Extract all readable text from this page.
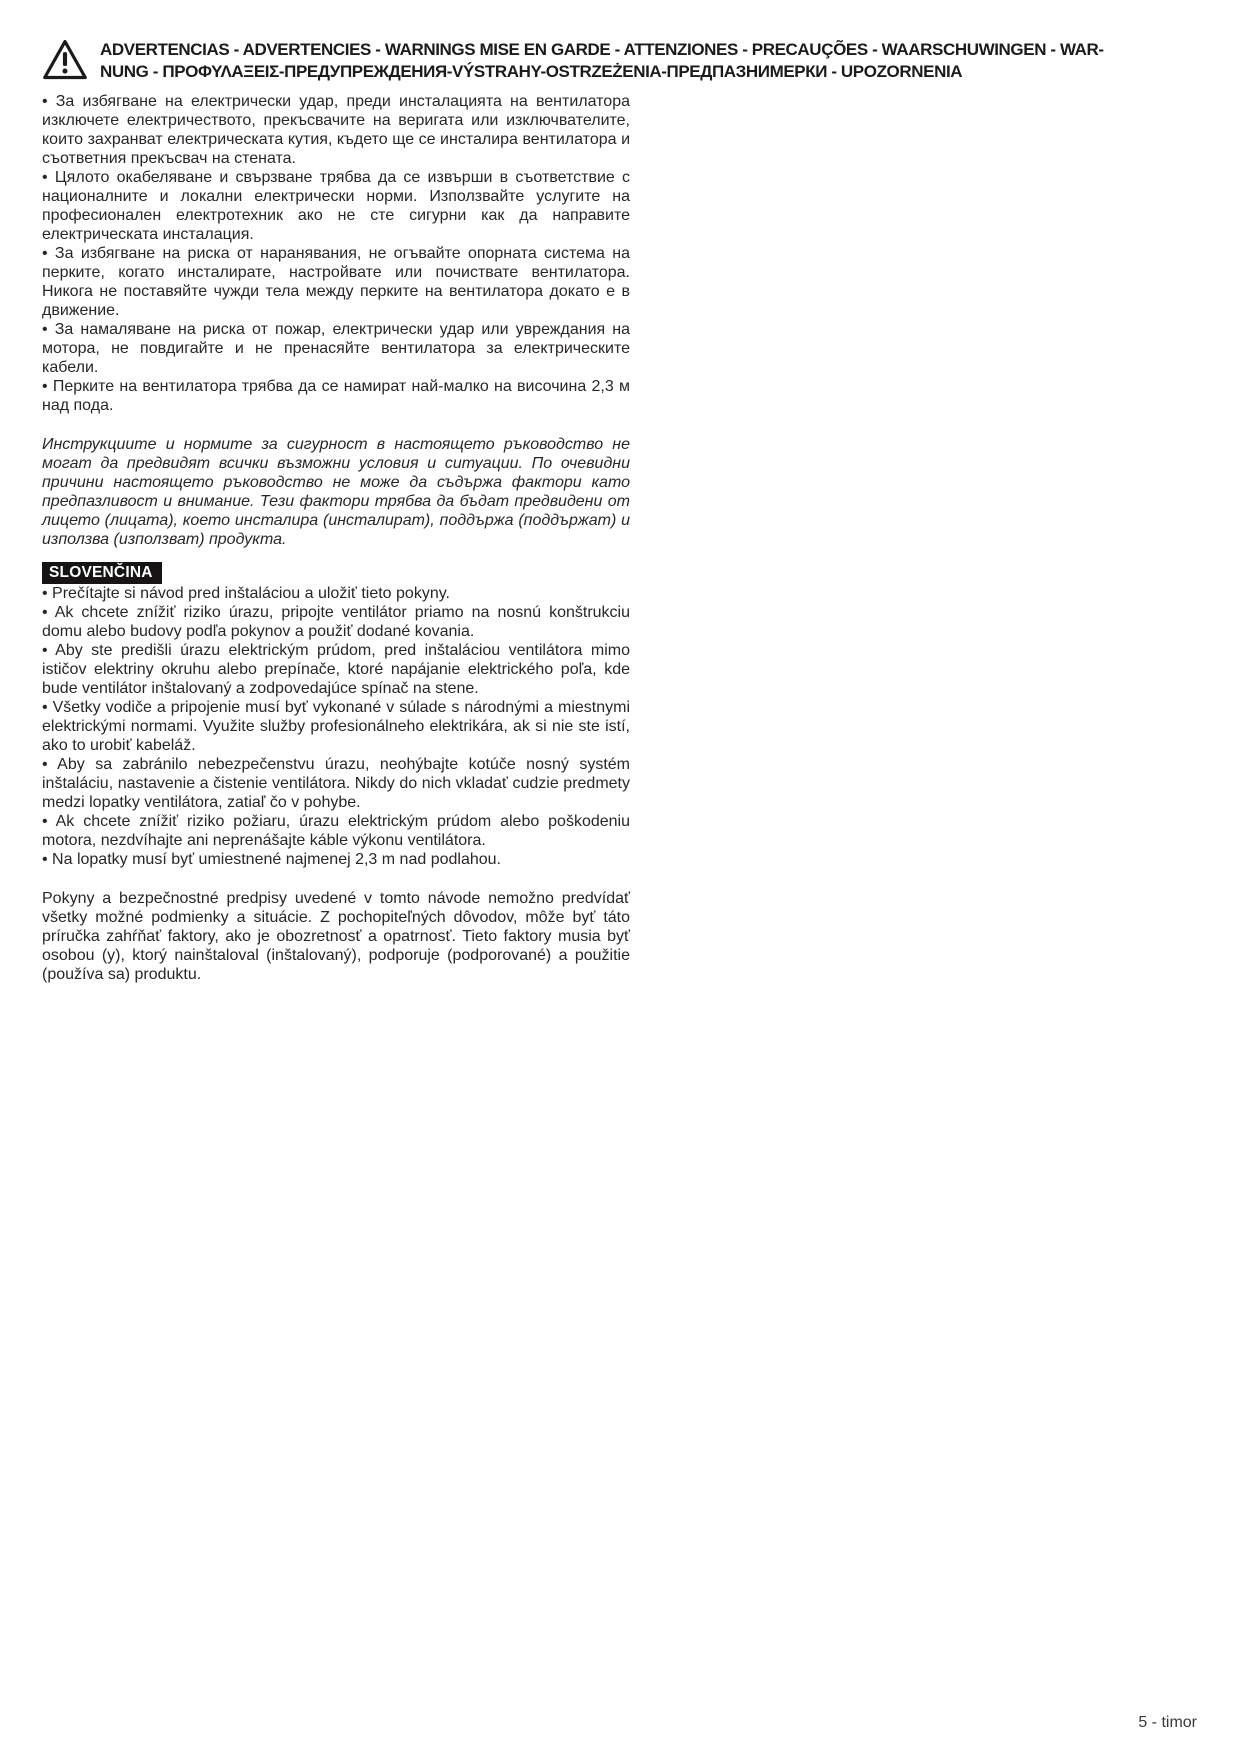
ADVERTENCIAS - ADVERTENCIES - WARNINGS MISE EN GARDE - ATTENZIONES - PRECAUÇÕES - WAARSCHUWINGEN - WAR-
NUNG - ΠΡΟΦΥΛΑΞΕΙΣ-ПРЕДУПРЕЖДЕНИЯ-VÝSTRAHY-OSTRZEŻENIA-ПРЕДПАЗНИМЕРКИ - UPOZORNENIA

• За избягване на електрически удар, преди инсталацията на вентилатора изключете електричеството, прекъсвачите на веригата или изключвателите, които захранват електрическата кутия, където ще се инсталира вентилатора и съответния прекъсвач на стената.

• Цялото окабеляване и свързване трябва да се извърши в съответствие с националните и локални електрически норми. Използвайте услугите на професионален електротехник ако не сте сигурни как да направите електрическата инсталация.

• За избягване на риска от наранявания, не огъвайте опорната система на перките, когато инсталирате, настройвате или почиствате вентилатора. Никога не поставяйте чужди тела между перките на вентилатора докато е в движение.

• За намаляване на риска от пожар, електрически удар или увреждания на мотора, не повдигайте и не пренасяйте вентилатора за електрическите кабели.

• Перките на вентилатора трябва да се намират най-малко на височина 2,3 м над пода.

Инструкциите и нормите за сигурност в настоящето ръководство не могат да предвидят всички възможни условия и ситуации. По очевидни причини настоящето ръководство не може да съдържа фактори като предпазливост и внимание. Тези фактори трябва да бъдат предвидени от лицето (лицата), което инсталира (инсталират), поддържа (поддържат) и използва (използват) продукта.

SLOVENČINA

• Prečítajte si návod pred inštaláciou a uložiť tieto pokyny.

• Ak chcete znížiť riziko úrazu, pripojte ventilátor priamo na nosnú konštrukciu domu alebo budovy podľa pokynov a použiť dodané kovania.

• Aby ste predišli úrazu elektrickým prúdom, pred inštaláciou ventilátora mimo ističov elektriny okruhu alebo prepínače, ktoré napájanie elektrického poľa, kde bude ventilátor inštalovaný a zodpovedajúce spínač na stene.

• Všetky vodiče a pripojenie musí byť vykonané v súlade s národnými a miestnymi elektrickými normami. Využite služby profesionálneho elektrikára, ak si nie ste istí, ako to urobiť kabeláž.

• Aby sa zabránilo nebezpečenstvu úrazu, neohýbajte kotúče nosný systém inštaláciu, nastavenie a čistenie ventilátora. Nikdy do nich vkladať cudzie predmety medzi lopatky ventilátora, zatiaľ čo v pohybe.

• Ak chcete znížiť riziko požiaru, úrazu elektrickým prúdom alebo poškodeniu motora, nezdvíhajte ani neprenášajte káble výkonu ventilátora.

• Na lopatky musí byť umiestnené najmenej 2,3 m nad podlahou.

Pokyny a bezpečnostné predpisy uvedené v tomto návode nemožno predvídať všetky možné podmienky a situácie. Z pochopiteľných dôvodov, môže byť táto príručka zahŕňať faktory, ako je obozretnosť a opatrnosť. Tieto faktory musia byť osobou (y), ktorý nainštaloval (inštalovaný), podporuje (podporované) a použitie (používa sa) produktu.

5 - timor
